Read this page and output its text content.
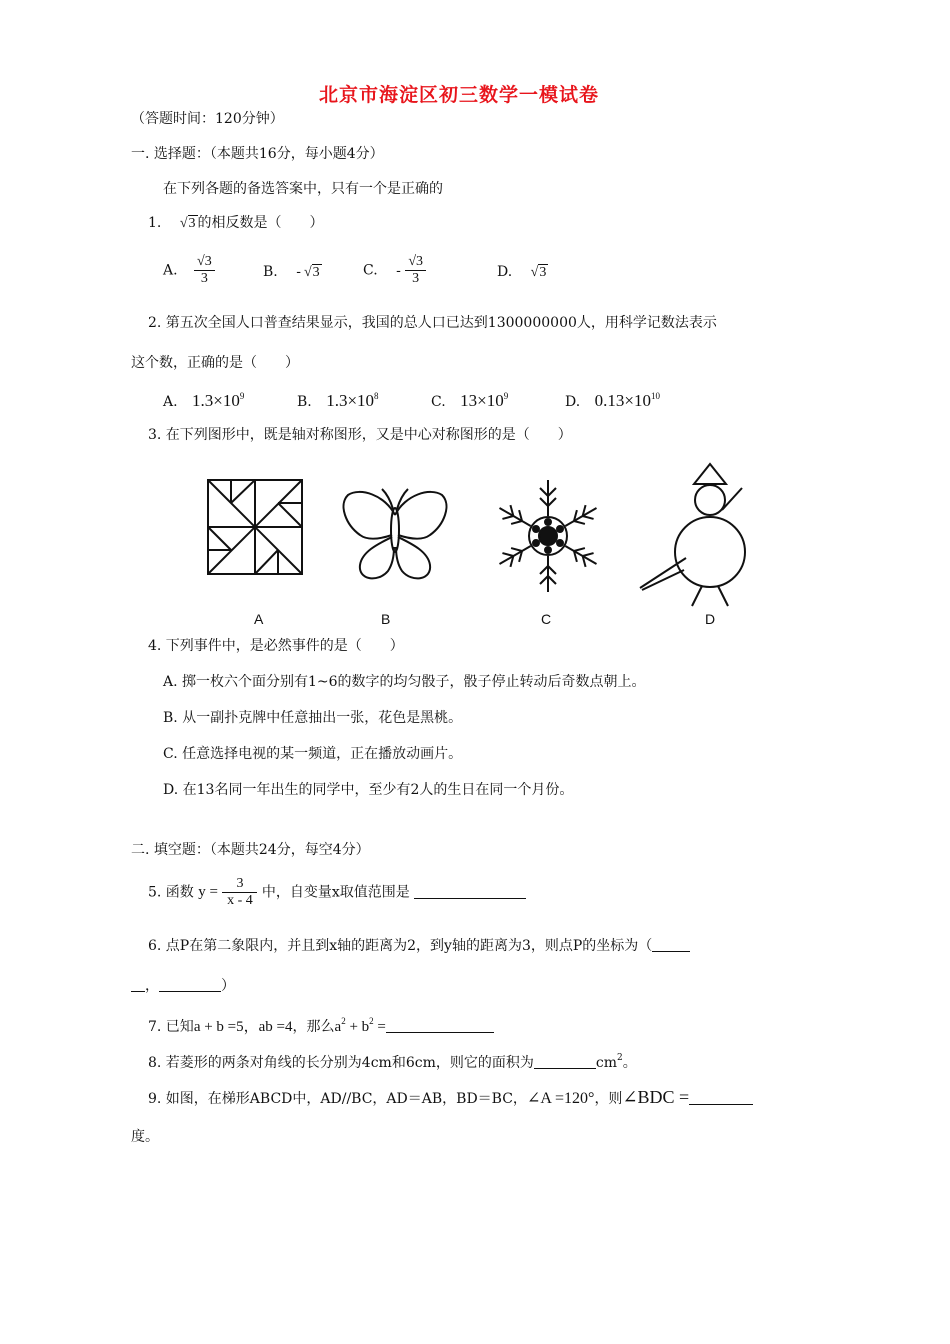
北京市海淀区初三数学一模试卷
（答题时间：120分钟）
一. 选择题：（本题共16分，每小题4分）
在下列各题的备选答案中，只有一个是正确的
1. √3 的相反数是（　　）
A. $\frac{√3}{3}$	B. - √3	C. - $\frac{√3}{3}$	D. √3
2. 第五次全国人口普查结果显示，我国的总人口已达到1300000000人，用科学记数法表示
这个数，正确的是（　　）
A. $1.3\times 10^9$	B. $1.3\times 10^8$	C. $13\times 10^9$	D. $0.13\times 10^{10}$
3. 在下列图形中，既是轴对称图形，又是中心对称图形的是（　　）
A	B	C	D
4. 下列事件中，是必然事件的是（　　）
A. 掷一枚六个面分别有1~6的数字的均匀骰子，骰子停止转动后奇数点朝上。
B. 从一副扑克牌中任意抽出一张，花色是黑桃。
C. 任意选择电视的某一频道，正在播放动画片。
D. 在13名同一年出生的同学中，至少有2人的生日在同一个月份。
二. 填空题：（本题共24分，每空4分）
5. 函数 $y = \frac{3}{x - 4}$ 中，自变量x取值范围是
6. 点P在第二象限内，并且到x轴的距离为2，到y轴的距离为3，则点P的坐标为（
，	）
7. 已知a + b =5，ab =4，那么$a^2 + b^2$ =
8. 若菱形的两条对角线的长分别为4cm和6cm，则它的面积为	$cm^2$。
9. 如图，在梯形ABCD中，AD//BC，AD＝AB，BD＝BC，∠A =120°，则∠BDC =
度。
